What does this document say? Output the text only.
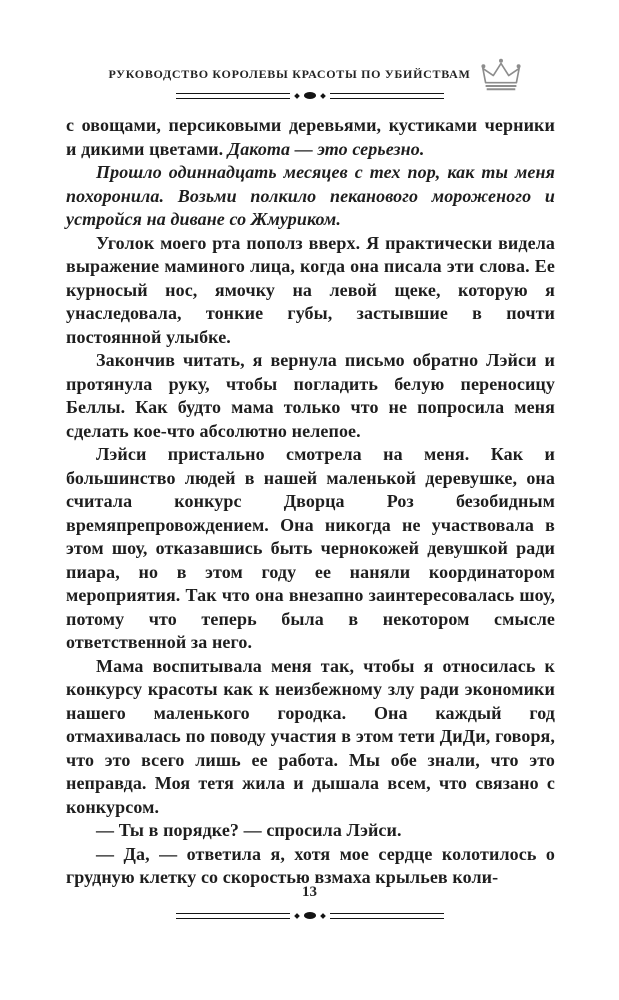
РУКОВОДСТВО КОРОЛЕВЫ КРАСОТЫ ПО УБИЙСТВАМ

с овощами, персиковыми деревьями, кустиками черники и дикими цветами. Дакота — это серьезно.

Прошло одиннадцать месяцев с тех пор, как ты меня похоронила. Возьми полкило пеканового мороженого и устройся на диване со Жмуриком.

Уголок моего рта пополз вверх. Я практически видела выражение маминого лица, когда она писала эти слова. Ее курносый нос, ямочку на левой щеке, которую я унаследовала, тонкие губы, застывшие в почти постоянной улыбке.

Закончив читать, я вернула письмо обратно Лэйси и протянула руку, чтобы погладить белую переносицу Беллы. Как будто мама только что не попросила меня сделать кое-что абсолютно нелепое.

Лэйси пристально смотрела на меня. Как и большинство людей в нашей маленькой деревушке, она считала конкурс Дворца Роз безобидным времяпрепровождением. Она никогда не участвовала в этом шоу, отказавшись быть чернокожей девушкой ради пиара, но в этом году ее наняли координатором мероприятия. Так что она внезапно заинтересовалась шоу, потому что теперь была в некотором смысле ответственной за него.

Мама воспитывала меня так, чтобы я относилась к конкурсу красоты как к неизбежному злу ради экономики нашего маленького городка. Она каждый год отмахивалась по поводу участия в этом тети ДиДи, говоря, что это всего лишь ее работа. Мы обе знали, что это неправда. Моя тетя жила и дышала всем, что связано с конкурсом.

— Ты в порядке? — спросила Лэйси.

— Да, — ответила я, хотя мое сердце колотилось о грудную клетку со скоростью взмаха крыльев коли-

13
